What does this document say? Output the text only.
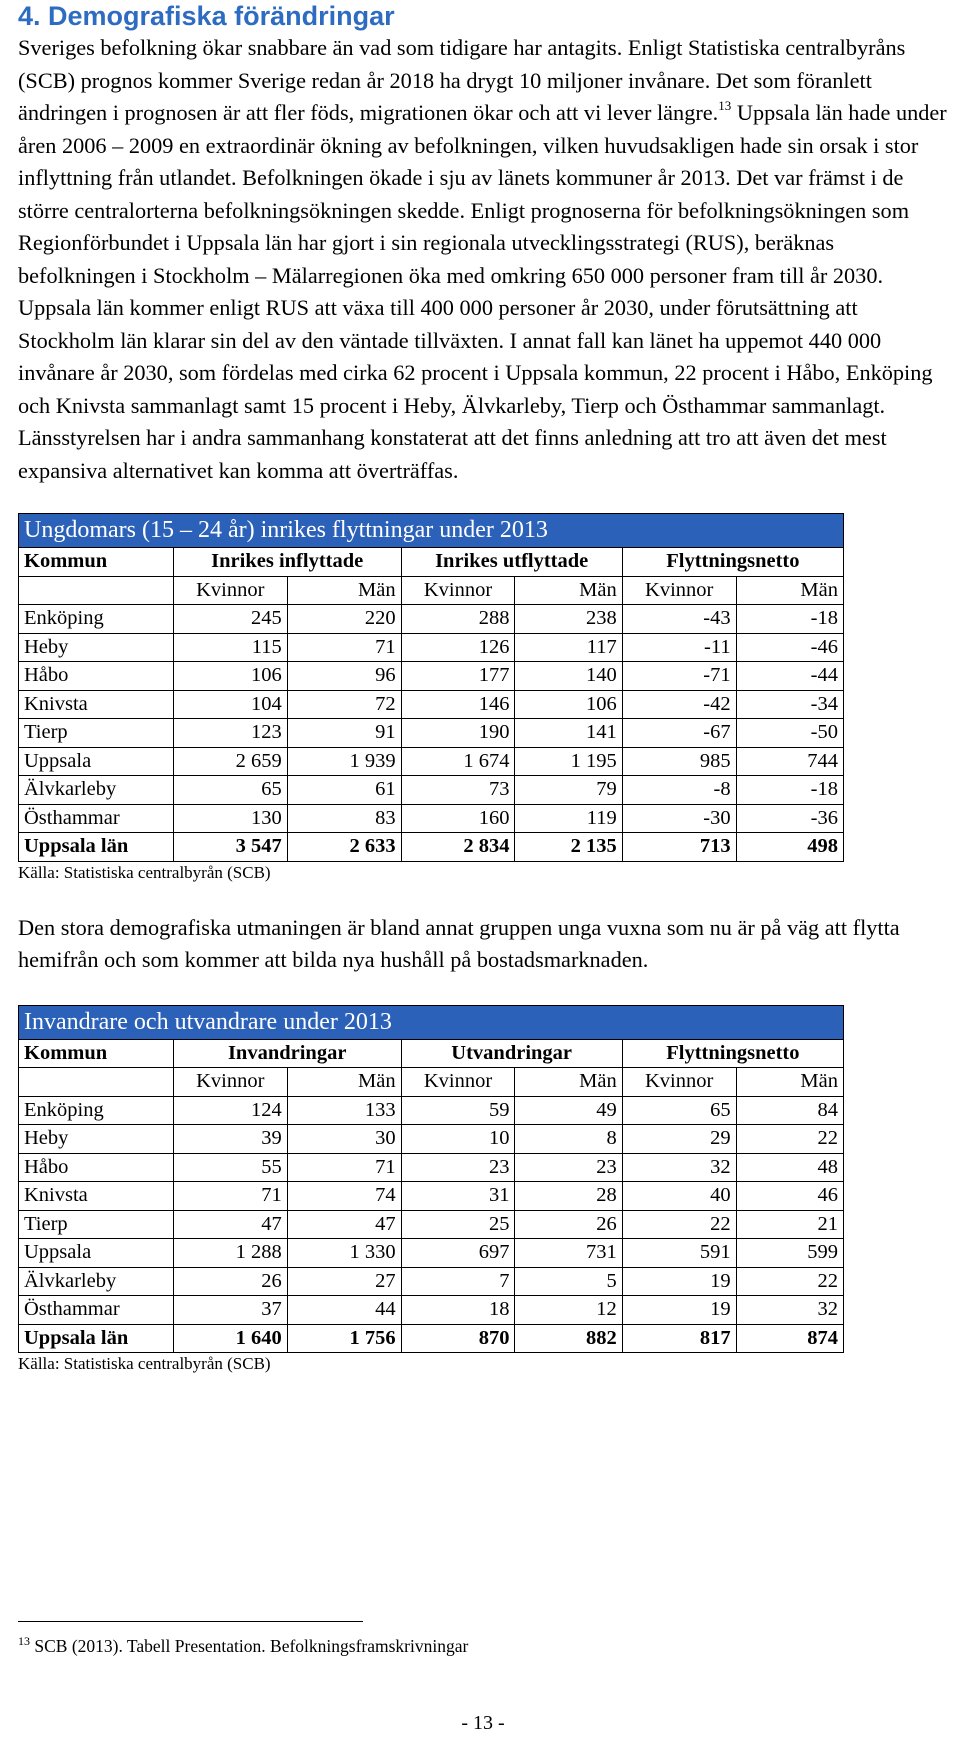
4. Demografiska förändringar

Sveriges befolkning ökar snabbare än vad som tidigare har antagits. Enligt Statistiska centralbyråns (SCB) prognos kommer Sverige redan år 2018 ha drygt 10 miljoner invånare. Det som föranlett ändringen i prognosen är att fler föds, migrationen ökar och att vi lever längre.$^{13}$ Uppsala län hade under åren 2006 – 2009 en extraordinär ökning av befolkningen, vilken huvudsakligen hade sin orsak i stor inflyttning från utlandet. Befolkningen ökade i sju av länets kommuner år 2013. Det var främst i de större centralorterna befolkningsökningen skedde. Enligt prognoserna för befolkningsökningen som Regionförbundet i Uppsala län har gjort i sin regionala utvecklingsstrategi (RUS), beräknas befolkningen i Stockholm – Mälarregionen öka med omkring 650 000 personer fram till år 2030.

Uppsala län kommer enligt RUS att växa till 400 000 personer år 2030, under förutsättning att Stockholm län klarar sin del av den väntade tillväxten. I annat fall kan länet ha uppemot 440 000 invånare år 2030, som fördelas med cirka 62 procent i Uppsala kommun, 22 procent i Håbo, Enköping och Knivsta sammanlagt samt 15 procent i Heby, Älvkarleby, Tierp och Östhammar sammanlagt. Länsstyrelsen har i andra sammanhang konstaterat att det finns anledning att tro att även det mest expansiva alternativet kan komma att överträffas.

Ungdomars (15 – 24 år) inrikes flyttningar under 2013						
Kommun	Inrikes inflyttade		Inrikes utflyttade		Flyttningsnetto	
	Kvinnor	Män	Kvinnor	Män	Kvinnor	Män
Enköping	245	220	288	238	-43	-18
Heby	115	71	126	117	-11	-46
Håbo	106	96	177	140	-71	-44
Knivsta	104	72	146	106	-42	-34
Tierp	123	91	190	141	-67	-50
Uppsala	2 659	1 939	1 674	1 195	985	744
Älvkarleby	65	61	73	79	-8	-18
Östhammar	130	83	160	119	-30	-36
Uppsala län	3 547	2 633	2 834	2 135	713	498

Källa: Statistiska centralbyrån (SCB)

Den stora demografiska utmaningen är bland annat gruppen unga vuxna som nu är på väg att flytta hemifrån och som kommer att bilda nya hushåll på bostadsmarknaden.

Invandrare och utvandrare under 2013						
Kommun	Invandringar		Utvandringar		Flyttningsnetto	
	Kvinnor	Män	Kvinnor	Män	Kvinnor	Män
Enköping	124	133	59	49	65	84
Heby	39	30	10	8	29	22
Håbo	55	71	23	23	32	48
Knivsta	71	74	31	28	40	46
Tierp	47	47	25	26	22	21
Uppsala	1 288	1 330	697	731	591	599
Älvkarleby	26	27	7	5	19	22
Östhammar	37	44	18	12	19	32
Uppsala län	1 640	1 756	870	882	817	874

Källa: Statistiska centralbyrån (SCB)

$^{13}$ SCB (2013). Tabell Presentation. Befolkningsframskrivningar
- 13 -
